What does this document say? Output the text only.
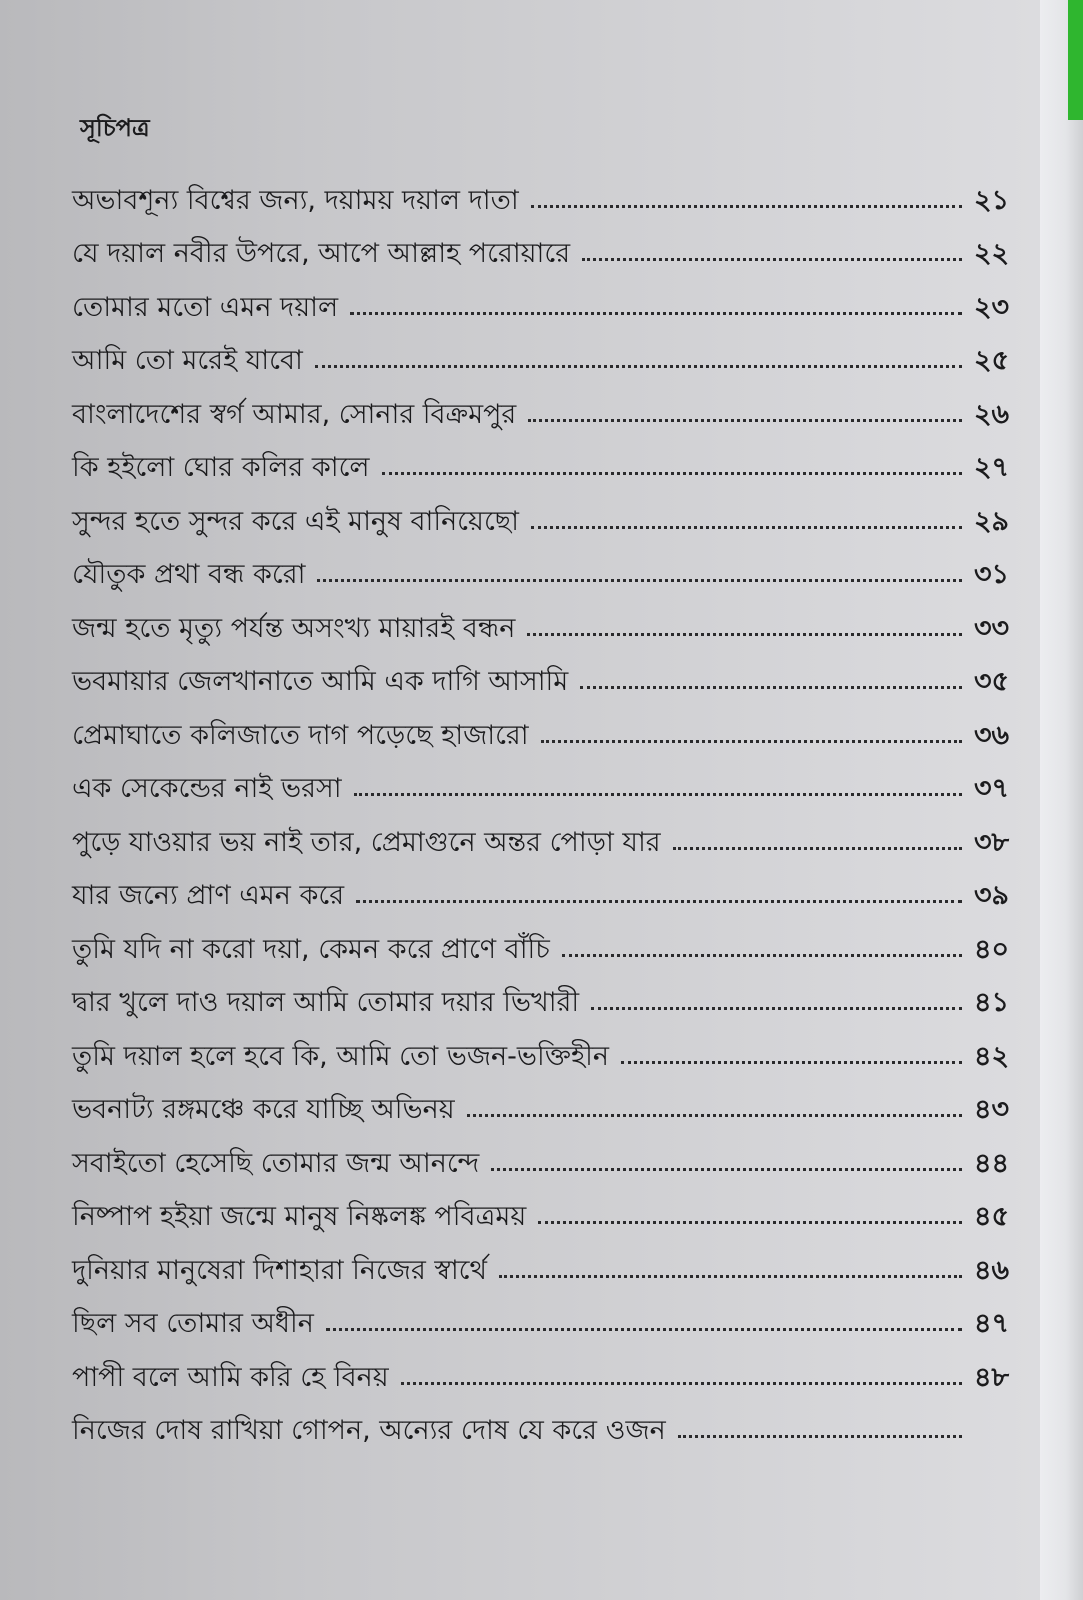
সূচিপত্র
অভাবশূন্য বিশ্বের জন্য, দয়াময় দয়াল দাতা	২১
যে দয়াল নবীর উপরে, আপে আল্লাহ পরোয়ারে	২২
তোমার মতো এমন দয়াল	২৩
আমি তো মরেই যাবো	২৫
বাংলাদেশের স্বর্গ আমার, সোনার বিক্রমপুর	২৬
কি হইলো ঘোর কলির কালে	২৭
সুন্দর হতে সুন্দর করে এই মানুষ বানিয়েছো	২৯
যৌতুক প্রথা বন্ধ করো	৩১
জন্ম হতে মৃত্যু পর্যন্ত অসংখ্য মায়ারই বন্ধন	৩৩
ভবমায়ার জেলখানাতে আমি এক দাগি আসামি	৩৫
প্রেমাঘাতে কলিজাতে দাগ পড়েছে হাজারো	৩৬
এক সেকেন্ডের নাই ভরসা	৩৭
পুড়ে যাওয়ার ভয় নাই তার, প্রেমাগুনে অন্তর পোড়া যার	৩৮
যার জন্যে প্রাণ এমন করে	৩৯
তুমি যদি না করো দয়া, কেমন করে প্রাণে বাঁচি	৪০
দ্বার খুলে দাও দয়াল আমি তোমার দয়ার ভিখারী	৪১
তুমি দয়াল হলে হবে কি, আমি তো ভজন-ভক্তিহীন	৪২
ভবনাট্য রঙ্গমঞ্চে করে যাচ্ছি অভিনয়	৪৩
সবাইতো হেসেছি তোমার জন্ম আনন্দে	৪৪
নিষ্পাপ হইয়া জন্মে মানুষ নিষ্কলঙ্ক পবিত্রময়	৪৫
দুনিয়ার মানুষেরা দিশাহারা নিজের স্বার্থে	৪৬
ছিল সব তোমার অধীন	৪৭
পাপী বলে আমি করি হে বিনয়	৪৮
নিজের দোষ রাখিয়া গোপন, অন্যের দোষ যে করে ওজন
